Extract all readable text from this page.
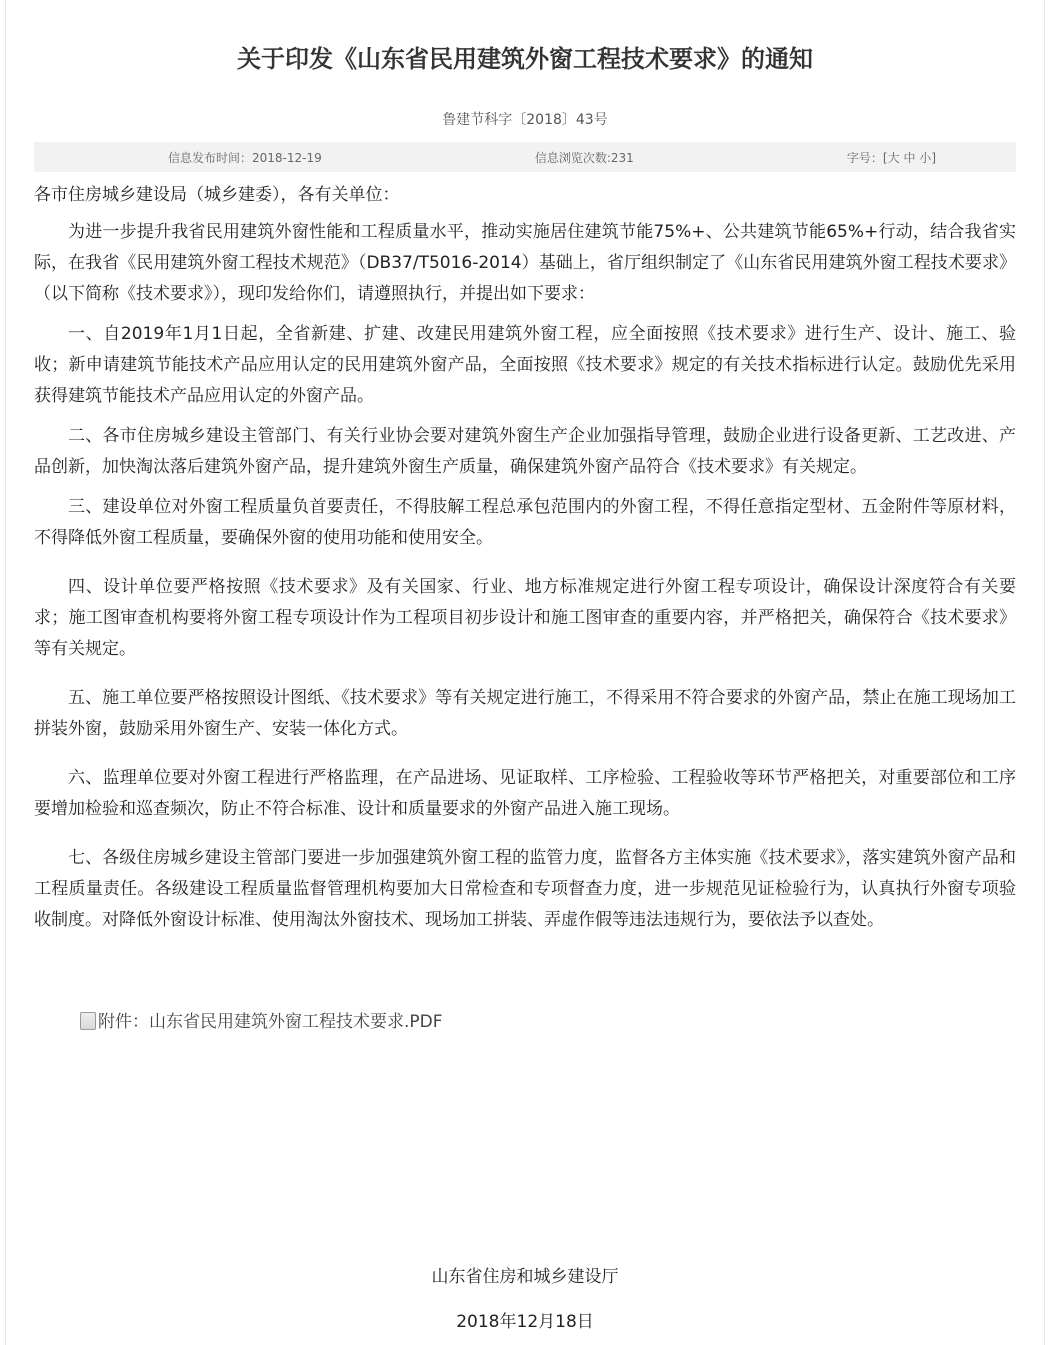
关于印发《山东省民用建筑外窗工程技术要求》的通知
鲁建节科字〔2018〕43号
信息发布时间：2018-12-19	信息浏览次数:231	字号：[大 中 小]

各市住房城乡建设局（城乡建委），各有关单位：

为进一步提升我省民用建筑外窗性能和工程质量水平，推动实施居住建筑节能75%+、公共建筑节能65%+行动，结合我省实际，在我省《民用建筑外窗工程技术规范》（DB37/T5016-2014）基础上，省厅组织制定了《山东省民用建筑外窗工程技术要求》（以下简称《技术要求》），现印发给你们，请遵照执行，并提出如下要求：

一、自2019年1月1日起，全省新建、扩建、改建民用建筑外窗工程，应全面按照《技术要求》进行生产、设计、施工、验收；新申请建筑节能技术产品应用认定的民用建筑外窗产品，全面按照《技术要求》规定的有关技术指标进行认定。鼓励优先采用获得建筑节能技术产品应用认定的外窗产品。

二、各市住房城乡建设主管部门、有关行业协会要对建筑外窗生产企业加强指导管理，鼓励企业进行设备更新、工艺改进、产品创新，加快淘汰落后建筑外窗产品，提升建筑外窗生产质量，确保建筑外窗产品符合《技术要求》有关规定。

三、建设单位对外窗工程质量负首要责任，不得肢解工程总承包范围内的外窗工程，不得任意指定型材、五金附件等原材料，不得降低外窗工程质量，要确保外窗的使用功能和使用安全。

四、设计单位要严格按照《技术要求》及有关国家、行业、地方标准规定进行外窗工程专项设计，确保设计深度符合有关要求；施工图审查机构要将外窗工程专项设计作为工程项目初步设计和施工图审查的重要内容，并严格把关，确保符合《技术要求》等有关规定。

五、施工单位要严格按照设计图纸、《技术要求》等有关规定进行施工，不得采用不符合要求的外窗产品，禁止在施工现场加工拼装外窗，鼓励采用外窗生产、安装一体化方式。

六、监理单位要对外窗工程进行严格监理，在产品进场、见证取样、工序检验、工程验收等环节严格把关，对重要部位和工序要增加检验和巡查频次，防止不符合标准、设计和质量要求的外窗产品进入施工现场。

七、各级住房城乡建设主管部门要进一步加强建筑外窗工程的监管力度，监督各方主体实施《技术要求》，落实建筑外窗产品和工程质量责任。各级建设工程质量监督管理机构要加大日常检查和专项督查力度，进一步规范见证检验行为，认真执行外窗专项验收制度。对降低外窗设计标准、使用淘汰外窗技术、现场加工拼装、弄虚作假等违法违规行为，要依法予以查处。

附件： 山东省民用建筑外窗工程技术要求.PDF
山东省住房和城乡建设厅
2018年12月18日
